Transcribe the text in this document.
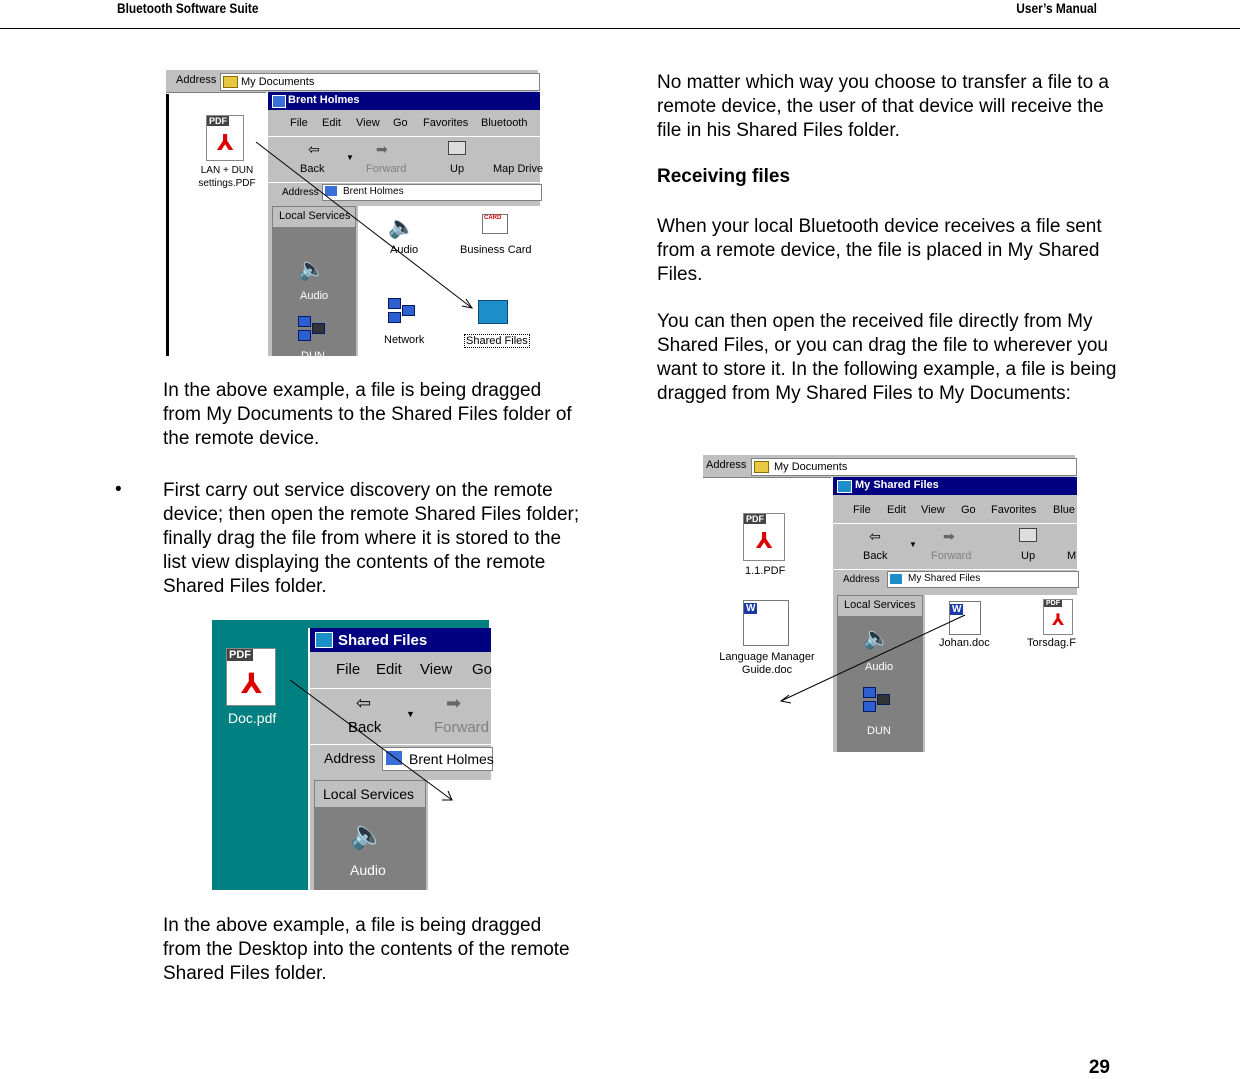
Bluetooth Software Suite	User’s Manual
Address My Documents
PDF
⅄
LAN + DUN settings.PDF
Brent Holmes
File Edit View Go Favorites Bluetooth
⇦
Back
▼
➡
Forward	Up	Map Drive
Address Brent Holmes
Local Services
🔈
Audio
DUN
🔈
Audio
CARD
Business Card
Network	Shared Files
In the above example, a file is being dragged from My Documents to the Shared Files folder of the remote device.
• First carry out service discovery on the remote device; then open the remote Shared Files folder; finally drag the file from where it is stored to the list view displaying the contents of the remote Shared Files folder.
PDF
⅄
Doc.pdf
Shared Files
File Edit View Go
⇦
Back
▼
➡
Forward
Address Brent Holmes
Local Services
🔈
Audio
In the above example, a file is being dragged from the Desktop into the contents of the remote Shared Files folder.
No matter which way you choose to transfer a file to a remote device, the user of that device will receive the file in his Shared Files folder.
Receiving files
When your local Bluetooth device receives a file sent from a remote device, the file is placed in My Shared Files.
You can then open the received file directly from My Shared Files, or you can drag the file to wherever you want to store it. In the following example, a file is being dragged from My Shared Files to My Documents:
Address	My Documents
PDF
⅄
1.1.PDF
W
Language Manager Guide.doc
My Shared Files
File Edit View Go Favorites Blue
⇦
Back
▼
➡
Forward	Up	M
Address	My Shared Files
Local Services
🔈
Audio
DUN
W
Johan.doc
PDF
⅄
Torsdag.F
29
